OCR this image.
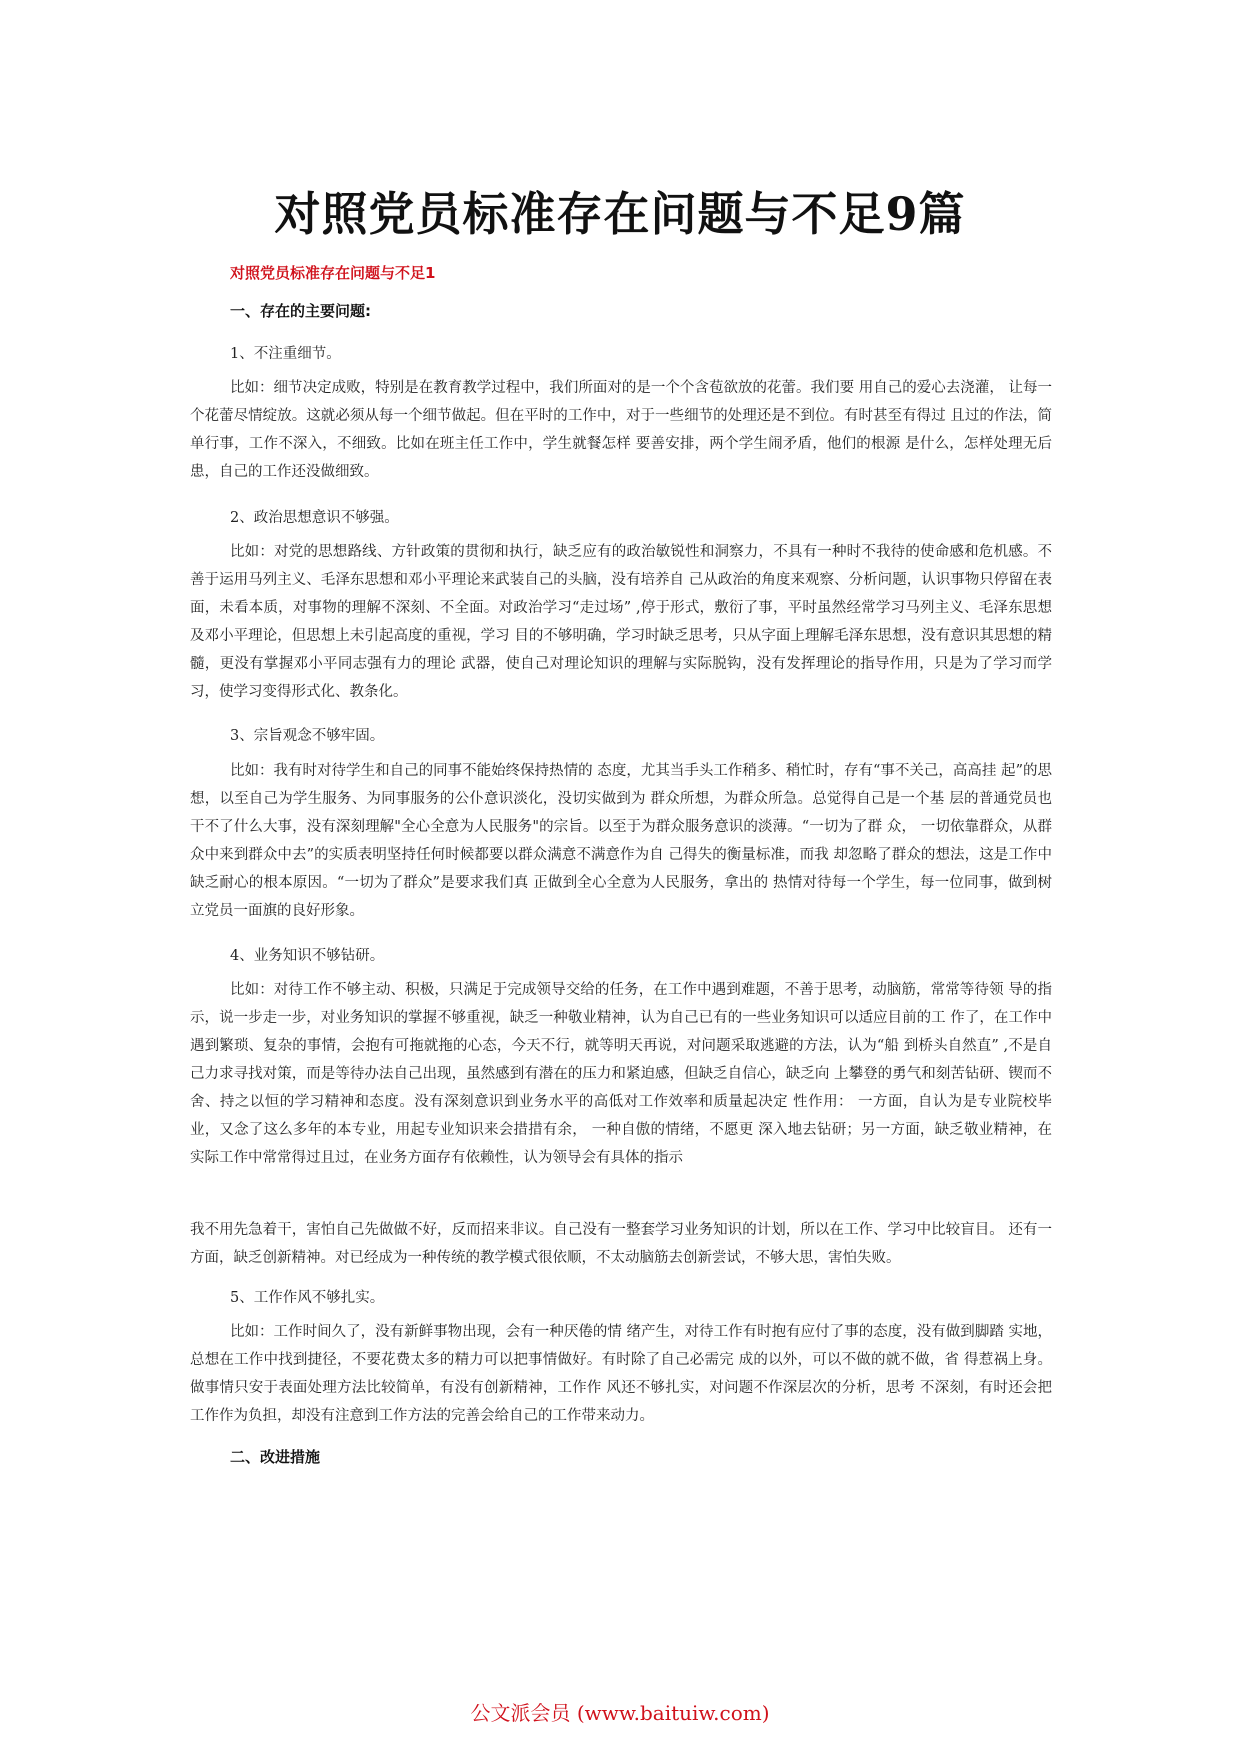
对照党员标准存在问题与不足9篇
对照党员标准存在问题与不足1
一、存在的主要问题:
1、不注重细节。
比如：细节决定成败，特别是在教育教学过程中，我们所面对的是一个个含苞欲放的花蕾。我们要 用自己的爱心去浇灌， 让每一个花蕾尽情绽放。这就必须从每一个细节做起。但在平时的工作中，对于一些细节的处理还是不到位。有时甚至有得过 且过的作法，简单行事，工作不深入，不细致。比如在班主任工作中，学生就餐怎样 要善安排，两个学生闹矛盾，他们的根源 是什么，怎样处理无后患，自己的工作还没做细致。
2、政治思想意识不够强。
比如：对党的思想路线、方针政策的贯彻和执行，缺乏应有的政治敏锐性和洞察力，不具有一种时不我待的使命感和危机感。不善于运用马列主义、毛泽东思想和邓小平理论来武装自己的头脑，没有培养自 己从政治的角度来观察、分析问题，认识事物只停留在表面，未看本质，对事物的理解不深刻、不全面。对政治学习“走过场” ,停于形式，敷衍了事，平时虽然经常学习马列主义、毛泽东思想及邓小平理论，但思想上未引起高度的重视，学习 目的不够明确，学习时缺乏思考，只从字面上理解毛泽东思想，没有意识其思想的精髓，更没有掌握邓小平同志强有力的理论 武器，使自己对理论知识的理解与实际脱钩，没有发挥理论的指导作用，只是为了学习而学习，使学习变得形式化、教条化。
3、宗旨观念不够牢固。
比如：我有时对待学生和自己的同事不能始终保持热情的 态度，尤其当手头工作稍多、稍忙时，存有“事不关己，高高挂 起”的思想，以至自己为学生服务、为同事服务的公仆意识淡化，没切实做到为 群众所想，为群众所急。总觉得自己是一个基 层的普通党员也干不了什么大事，没有深刻理解"全心全意为人民服务"的宗旨。以至于为群众服务意识的淡薄。“一切为了群 众， 一切依靠群众，从群众中来到群众中去”的实质表明坚持任何时候都要以群众满意不满意作为自 己得失的衡量标准，而我 却忽略了群众的想法，这是工作中缺乏耐心的根本原因。“一切为了群众”是要求我们真 正做到全心全意为人民服务，拿出的 热情对待每一个学生，每一位同事，做到树立党员一面旗的良好形象。
4、业务知识不够钻研。
比如：对待工作不够主动、积极，只满足于完成领导交给的任务，在工作中遇到难题，不善于思考，动脑筋，常常等待领 导的指示，说一步走一步，对业务知识的掌握不够重视，缺乏一种敬业精神，认为自己已有的一些业务知识可以适应目前的工 作了，在工作中遇到繁琐、复杂的事情，会抱有可拖就拖的心态，今天不行，就等明天再说，对问题采取逃避的方法，认为“船 到桥头自然直” ,不是自己力求寻找对策，而是等待办法自己出现，虽然感到有潜在的压力和紧迫感，但缺乏自信心，缺乏向 上攀登的勇气和刻苦钻研、锲而不舍、持之以恒的学习精神和态度。没有深刻意识到业务水平的高低对工作效率和质量起决定 性作用： 一方面，自认为是专业院校毕业，又念了这么多年的本专业，用起专业知识来会措措有余， 一种自傲的情绪，不愿更 深入地去钻研；另一方面，缺乏敬业精神，在实际工作中常常得过且过，在业务方面存有依赖性，认为领导会有具体的指示
我不用先急着干，害怕自己先做做不好，反而招来非议。自己没有一整套学习业务知识的计划，所以在工作、学习中比较盲目。 还有一方面，缺乏创新精神。对已经成为一种传统的教学模式很依顺，不太动脑筋去创新尝试，不够大思，害怕失败。
5、工作作风不够扎实。
比如：工作时间久了，没有新鲜事物出现，会有一种厌倦的情 绪产生，对待工作有时抱有应付了事的态度，没有做到脚踏 实地，总想在工作中找到捷径，不要花费太多的精力可以把事情做好。有时除了自己必需完 成的以外，可以不做的就不做，省 得惹祸上身。做事情只安于表面处理方法比较简单，有没有创新精神，工作作 风还不够扎实，对问题不作深层次的分析，思考 不深刻，有时还会把工作作为负担，却没有注意到工作方法的完善会给自己的工作带来动力。
二、改进措施
公文派会员 (www.baituiw.com)
